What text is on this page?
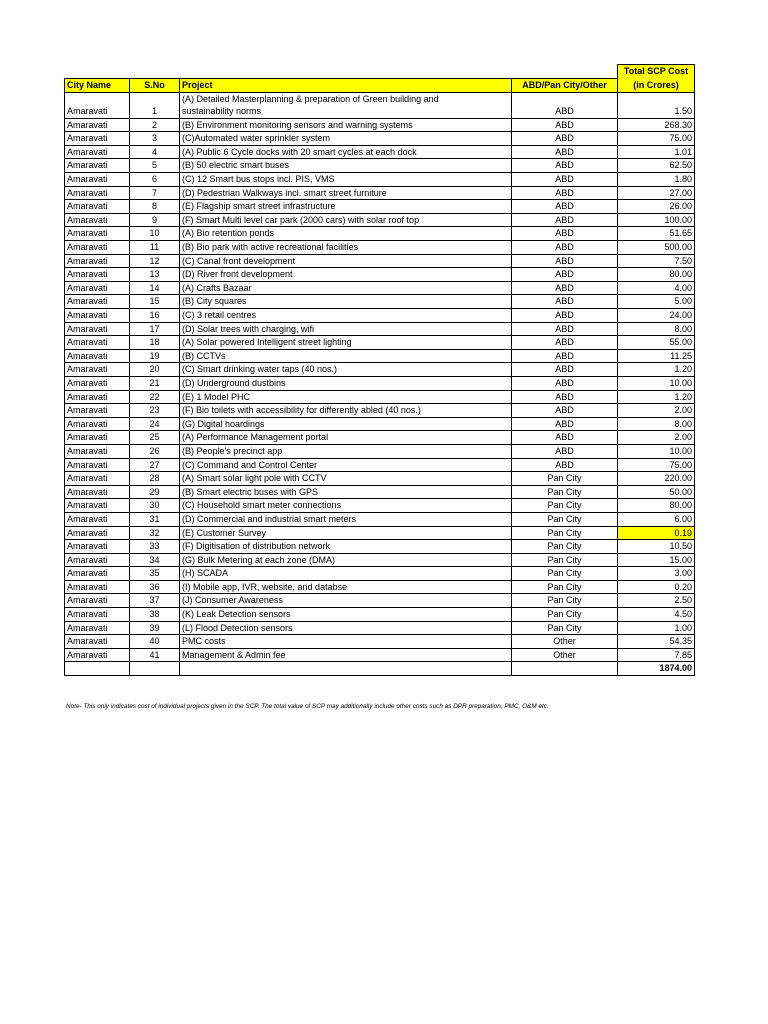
				Total SCP Cost
City Name	S.No	Project	ABD/Pan City/Other	(in Crores)
Amaravati	1	(A) Detailed Masterplanning & preparation of Green building and
sustainability norms	ABD	1.50
Amaravati	2	(B) Environment monitoring sensors and warning systems	ABD	268.30
Amaravati	3	(C)Automated water sprinkler system	ABD	75.00
Amaravati	4	(A) Public 6 Cycle docks with 20 smart cycles at each dock	ABD	1.01
Amaravati	5	(B) 50 electric smart buses	ABD	62.50
Amaravati	6	(C) 12 Smart bus stops incl. PIS, VMS	ABD	1.80
Amaravati	7	(D) Pedestrian Walkways incl. smart street furniture	ABD	27.00
Amaravati	8	(E) Flagship smart street infrastructure	ABD	26.00
Amaravati	9	(F) Smart Multi level car park (2000 cars) with solar roof top	ABD	100.00
Amaravati	10	(A) Bio retention ponds	ABD	51.65
Amaravati	11	(B) Bio park with active recreational facilities	ABD	500.00
Amaravati	12	(C) Canal front development	ABD	7.50
Amaravati	13	(D) River front development	ABD	80.00
Amaravati	14	(A) Crafts Bazaar	ABD	4.00
Amaravati	15	(B) City squares	ABD	5.00
Amaravati	16	(C) 3 retail centres	ABD	24.00
Amaravati	17	(D) Solar trees with charging, wifi	ABD	8.00
Amaravati	18	(A) Solar powered Intelligent street lighting	ABD	55.00
Amaravati	19	(B) CCTVs	ABD	11.25
Amaravati	20	(C) Smart drinking water taps (40 nos.)	ABD	1.20
Amaravati	21	(D) Underground dustbins	ABD	10.00
Amaravati	22	(E) 1 Model PHC	ABD	1.20
Amaravati	23	(F) Bio toilets with accessibility for differently abled (40 nos.)	ABD	2.00
Amaravati	24	(G) Digital hoardings	ABD	8.00
Amaravati	25	(A) Performance Management portal	ABD	2.00
Amaravati	26	(B) People's precinct app	ABD	10.00
Amaravati	27	(C) Command and Control Center	ABD	75.00
Amaravati	28	(A) Smart solar light pole with CCTV	Pan City	220.00
Amaravati	29	(B) Smart electric buses with GPS	Pan City	50.00
Amaravati	30	(C) Household smart meter connections	Pan City	80.00
Amaravati	31	(D) Commercial and industrial smart meters	Pan City	6.00
Amaravati	32	(E) Customer Survey	Pan City	0.19
Amaravati	33	(F) Digitisation of distribution network	Pan City	10.50
Amaravati	34	(G) Bulk Metering at each zone (DMA)	Pan City	15.00
Amaravati	35	(H) SCADA	Pan City	3.00
Amaravati	36	(I) Mobile app, IVR, website, and databse	Pan City	0.20
Amaravati	37	(J) Consumer Awareness	Pan City	2.50
Amaravati	38	(K) Leak Detection sensors	Pan City	4.50
Amaravati	39	(L) Flood Detection sensors	Pan City	1.00
Amaravati	40	PMC costs	Other	54.35
Amaravati	41	Management & Admin fee	Other	7.85
				1874.00
Note- This only indicates cost of individual projects given in the SCP. The total value of SCP may additionally include other costs such as DPR preparation, PMC, O&M etc.
